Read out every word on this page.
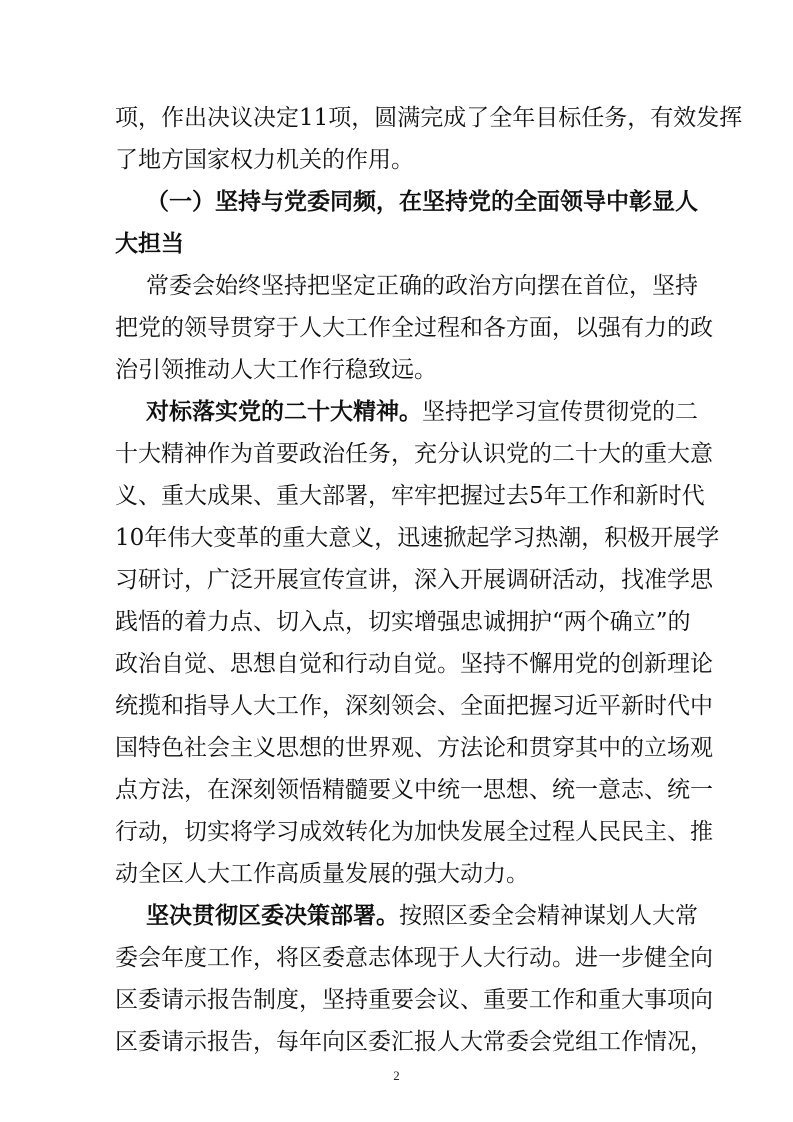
项，作出决议决定11项，圆满完成了全年目标任务，有效发挥
了地方国家权力机关的作用。
（一）坚持与党委同频，在坚持党的全面领导中彰显人
大担当
常委会始终坚持把坚定正确的政治方向摆在首位，坚持
把党的领导贯穿于人大工作全过程和各方面，以强有力的政
治引领推动人大工作行稳致远。
对标落实党的二十大精神。坚持把学习宣传贯彻党的二
十大精神作为首要政治任务，充分认识党的二十大的重大意
义、重大成果、重大部署，牢牢把握过去5年工作和新时代
10年伟大变革的重大意义，迅速掀起学习热潮，积极开展学
习研讨，广泛开展宣传宣讲，深入开展调研活动，找准学思
践悟的着力点、切入点，切实增强忠诚拥护“两个确立”的
政治自觉、思想自觉和行动自觉。坚持不懈用党的创新理论
统揽和指导人大工作，深刻领会、全面把握习近平新时代中
国特色社会主义思想的世界观、方法论和贯穿其中的立场观
点方法，在深刻领悟精髓要义中统一思想、统一意志、统一
行动，切实将学习成效转化为加快发展全过程人民民主、推
动全区人大工作高质量发展的强大动力。
坚决贯彻区委决策部署。按照区委全会精神谋划人大常
委会年度工作，将区委意志体现于人大行动。进一步健全向
区委请示报告制度，坚持重要会议、重要工作和重大事项向
2
区委请示报告，每年向区委汇报人大常委会党组工作情况，
